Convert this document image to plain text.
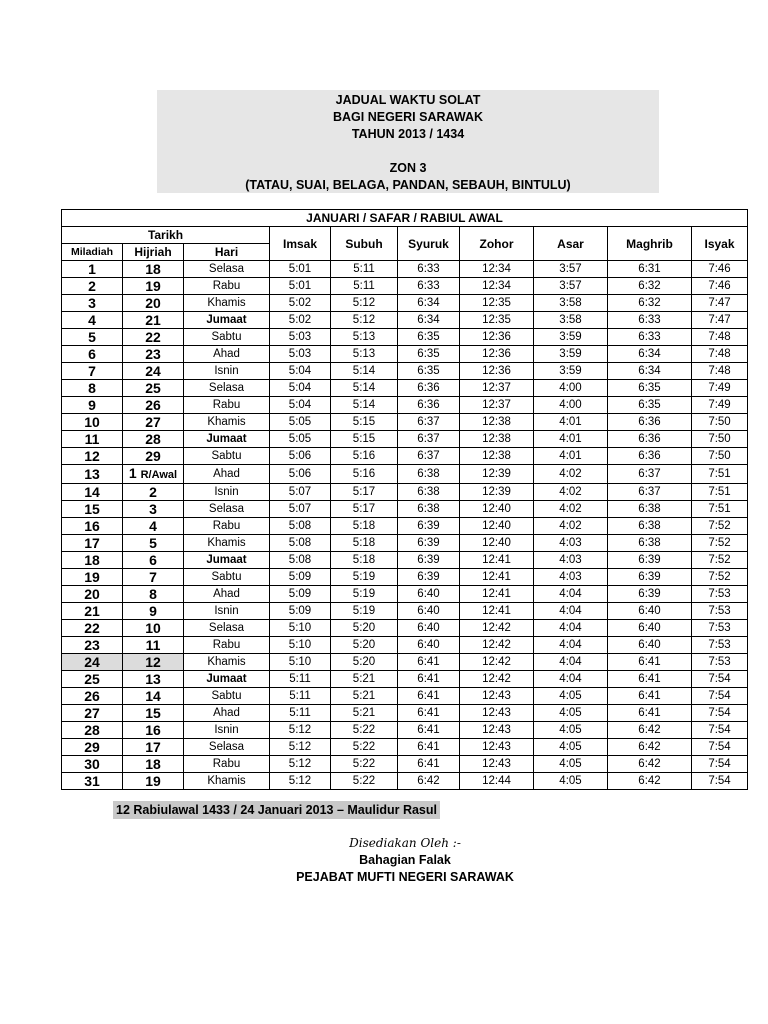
JADUAL WAKTU SOLAT
BAGI NEGERI SARAWAK
TAHUN 2013 / 1434
ZON 3
(TATAU, SUAI, BELAGA, PANDAN, SEBAUH, BINTULU)
JANUARI / SAFAR / RABIUL AWAL									
Tarikh			Imsak	Subuh	Syuruk	Zohor	Asar	Maghrib	Isyak
Miladiah	Hijriah	Hari							
1	18	Selasa	5:01	5:11	6:33	12:34	3:57	6:31	7:46
2	19	Rabu	5:01	5:11	6:33	12:34	3:57	6:32	7:46
3	20	Khamis	5:02	5:12	6:34	12:35	3:58	6:32	7:47
4	21	Jumaat	5:02	5:12	6:34	12:35	3:58	6:33	7:47
5	22	Sabtu	5:03	5:13	6:35	12:36	3:59	6:33	7:48
6	23	Ahad	5:03	5:13	6:35	12:36	3:59	6:34	7:48
7	24	Isnin	5:04	5:14	6:35	12:36	3:59	6:34	7:48
8	25	Selasa	5:04	5:14	6:36	12:37	4:00	6:35	7:49
9	26	Rabu	5:04	5:14	6:36	12:37	4:00	6:35	7:49
10	27	Khamis	5:05	5:15	6:37	12:38	4:01	6:36	7:50
11	28	Jumaat	5:05	5:15	6:37	12:38	4:01	6:36	7:50
12	29	Sabtu	5:06	5:16	6:37	12:38	4:01	6:36	7:50
13	1 R/Awal	Ahad	5:06	5:16	6:38	12:39	4:02	6:37	7:51
14	2	Isnin	5:07	5:17	6:38	12:39	4:02	6:37	7:51
15	3	Selasa	5:07	5:17	6:38	12:40	4:02	6:38	7:51
16	4	Rabu	5:08	5:18	6:39	12:40	4:02	6:38	7:52
17	5	Khamis	5:08	5:18	6:39	12:40	4:03	6:38	7:52
18	6	Jumaat	5:08	5:18	6:39	12:41	4:03	6:39	7:52
19	7	Sabtu	5:09	5:19	6:39	12:41	4:03	6:39	7:52
20	8	Ahad	5:09	5:19	6:40	12:41	4:04	6:39	7:53
21	9	Isnin	5:09	5:19	6:40	12:41	4:04	6:40	7:53
22	10	Selasa	5:10	5:20	6:40	12:42	4:04	6:40	7:53
23	11	Rabu	5:10	5:20	6:40	12:42	4:04	6:40	7:53
24	12	Khamis	5:10	5:20	6:41	12:42	4:04	6:41	7:53
25	13	Jumaat	5:11	5:21	6:41	12:42	4:04	6:41	7:54
26	14	Sabtu	5:11	5:21	6:41	12:43	4:05	6:41	7:54
27	15	Ahad	5:11	5:21	6:41	12:43	4:05	6:41	7:54
28	16	Isnin	5:12	5:22	6:41	12:43	4:05	6:42	7:54
29	17	Selasa	5:12	5:22	6:41	12:43	4:05	6:42	7:54
30	18	Rabu	5:12	5:22	6:41	12:43	4:05	6:42	7:54
31	19	Khamis	5:12	5:22	6:42	12:44	4:05	6:42	7:54
12 Rabiulawal 1433 / 24 Januari 2013 – Maulidur Rasul
Disediakan Oleh :-
Bahagian Falak
PEJABAT MUFTI NEGERI SARAWAK
